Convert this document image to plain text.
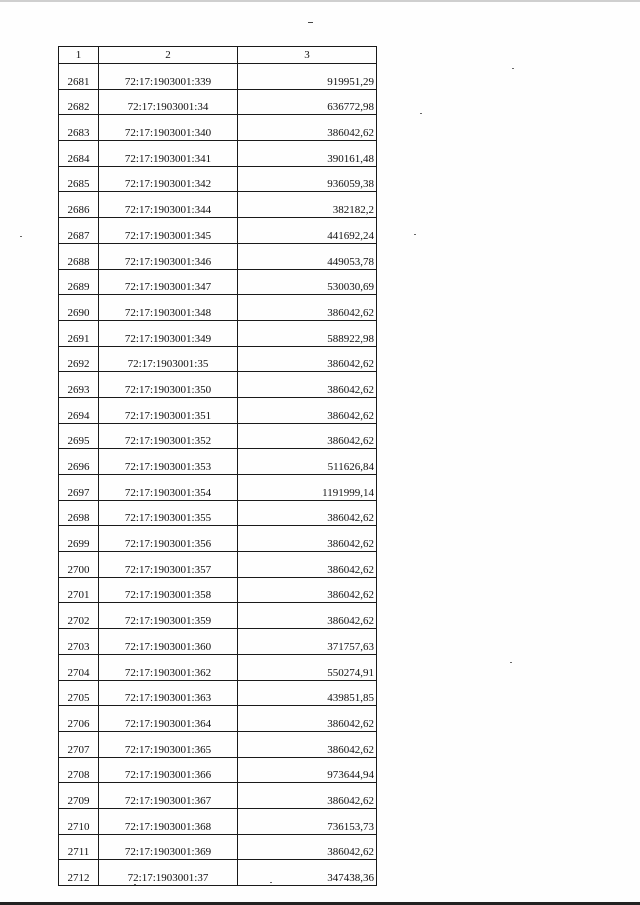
1	2	3
2681	72:17:1903001:339	919951,29
2682	72:17:1903001:34	636772,98
2683	72:17:1903001:340	386042,62
2684	72:17:1903001:341	390161,48
2685	72:17:1903001:342	936059,38
2686	72:17:1903001:344	382182,2
2687	72:17:1903001:345	441692,24
2688	72:17:1903001:346	449053,78
2689	72:17:1903001:347	530030,69
2690	72:17:1903001:348	386042,62
2691	72:17:1903001:349	588922,98
2692	72:17:1903001:35	386042,62
2693	72:17:1903001:350	386042,62
2694	72:17:1903001:351	386042,62
2695	72:17:1903001:352	386042,62
2696	72:17:1903001:353	511626,84
2697	72:17:1903001:354	1191999,14
2698	72:17:1903001:355	386042,62
2699	72:17:1903001:356	386042,62
2700	72:17:1903001:357	386042,62
2701	72:17:1903001:358	386042,62
2702	72:17:1903001:359	386042,62
2703	72:17:1903001:360	371757,63
2704	72:17:1903001:362	550274,91
2705	72:17:1903001:363	439851,85
2706	72:17:1903001:364	386042,62
2707	72:17:1903001:365	386042,62
2708	72:17:1903001:366	973644,94
2709	72:17:1903001:367	386042,62
2710	72:17:1903001:368	736153,73
2711	72:17:1903001:369	386042,62
2712	72:17:1903001:37	347438,36
